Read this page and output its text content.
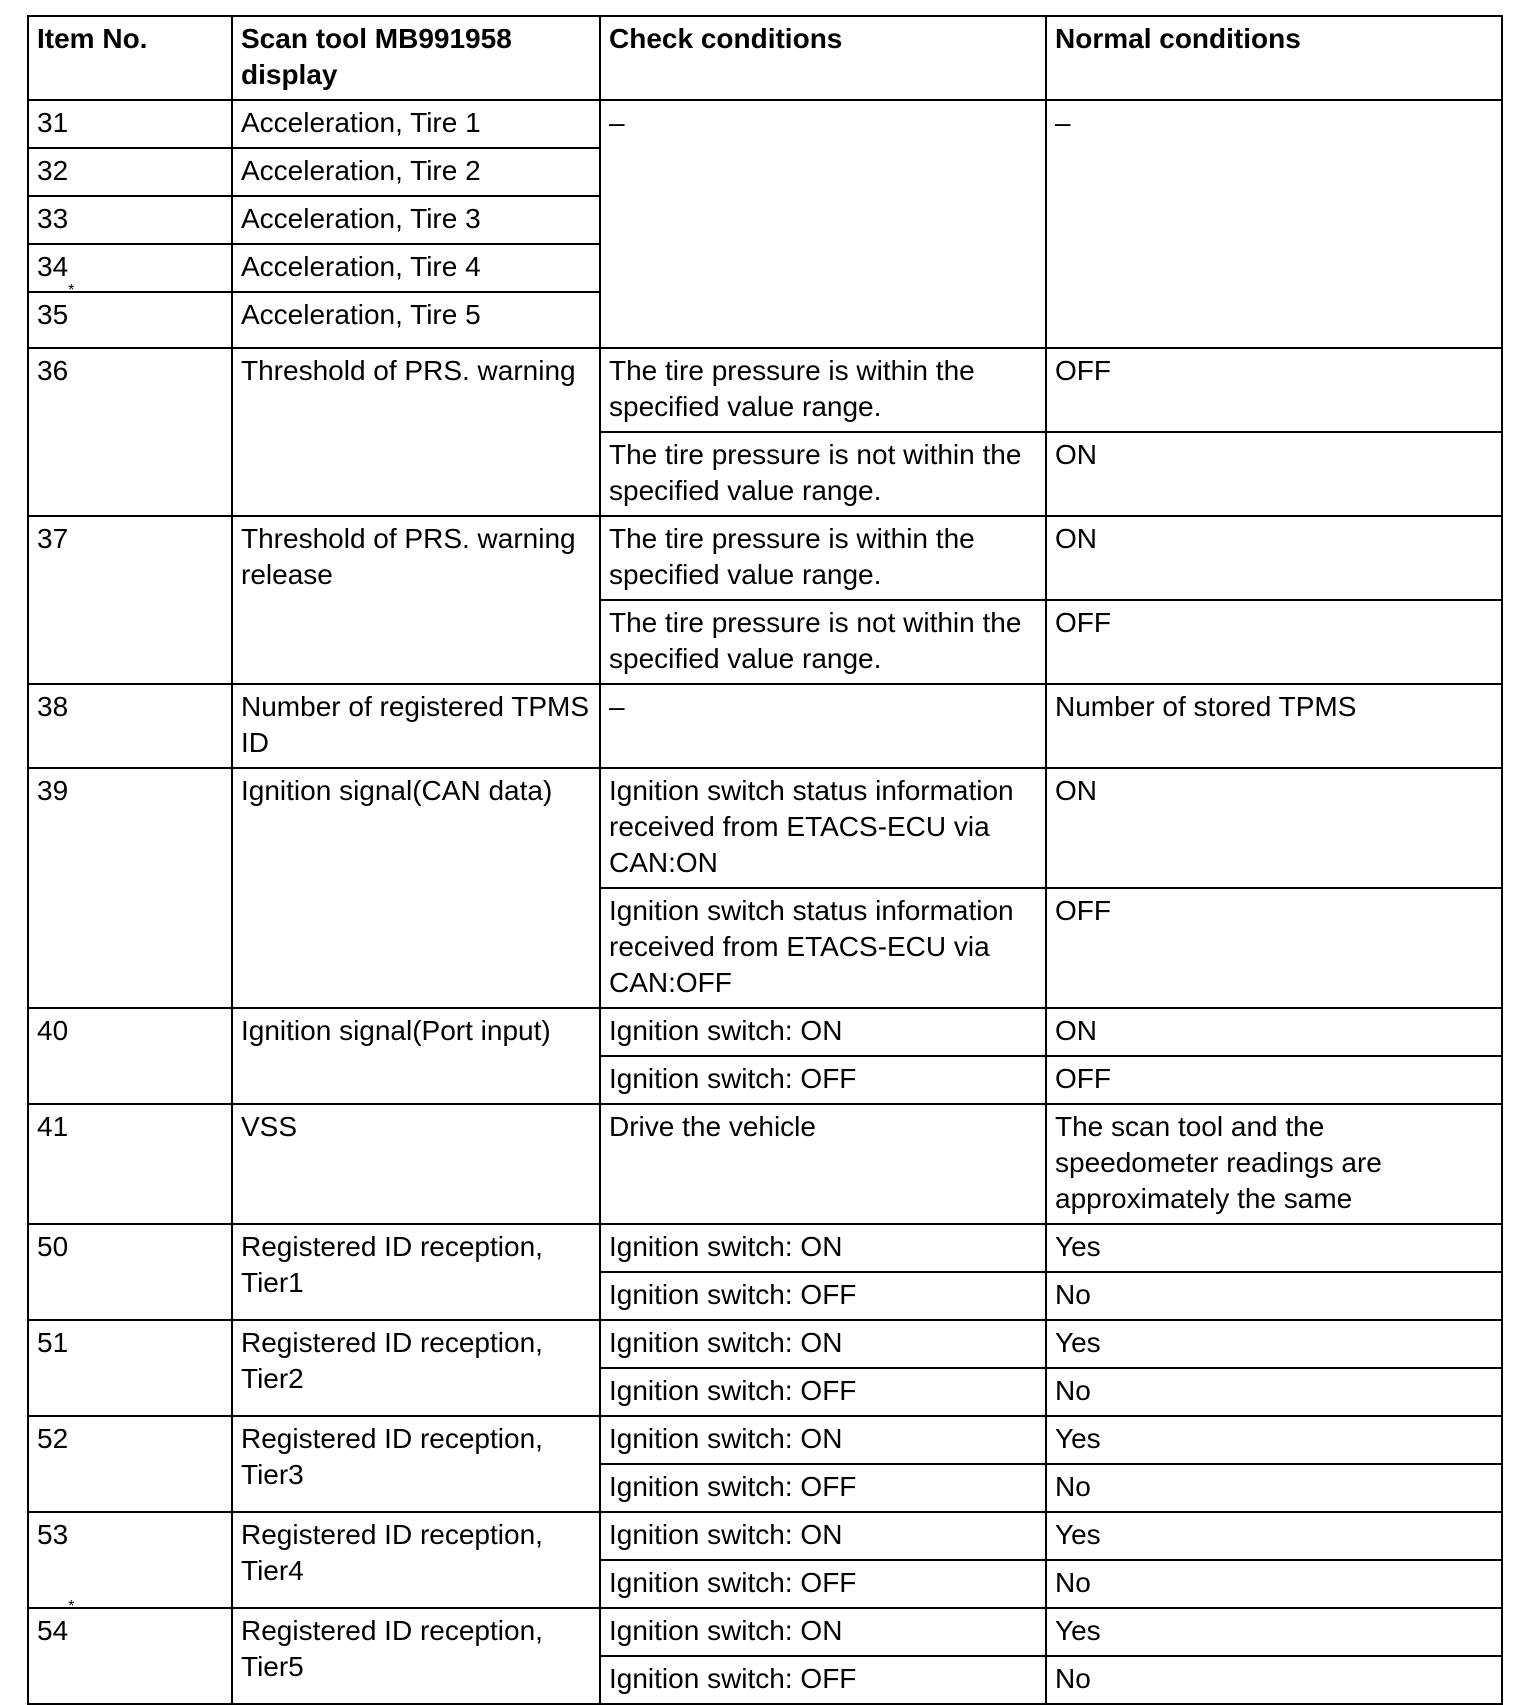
Item No.	Scan tool MB991958 display	Check conditions	Normal conditions
31	Acceleration, Tire 1	–	–
32	Acceleration, Tire 2		
33	Acceleration, Tire 3		
34	Acceleration, Tire 4		
35*	Acceleration, Tire 5		
36	Threshold of PRS. warning	The tire pressure is within the specified value range.	OFF
		The tire pressure is not within the specified value range.	ON
37	Threshold of PRS. warning release	The tire pressure is within the specified value range.	ON
		The tire pressure is not within the specified value range.	OFF
38	Number of registered TPMS ID	–	Number of stored TPMS
39	Ignition signal(CAN data)	Ignition switch status information received from ETACS-ECU via CAN:ON	ON
		Ignition switch status information received from ETACS-ECU via CAN:OFF	OFF
40	Ignition signal(Port input)	Ignition switch: ON	ON
		Ignition switch: OFF	OFF
41	VSS	Drive the vehicle	The scan tool and the speedometer readings are approximately the same
50	Registered ID reception, Tier1	Ignition switch: ON	Yes
		Ignition switch: OFF	No
51	Registered ID reception, Tier2	Ignition switch: ON	Yes
		Ignition switch: OFF	No
52	Registered ID reception, Tier3	Ignition switch: ON	Yes
		Ignition switch: OFF	No
53	Registered ID reception, Tier4	Ignition switch: ON	Yes
		Ignition switch: OFF	No
54*	Registered ID reception, Tier5	Ignition switch: ON	Yes
		Ignition switch: OFF	No
